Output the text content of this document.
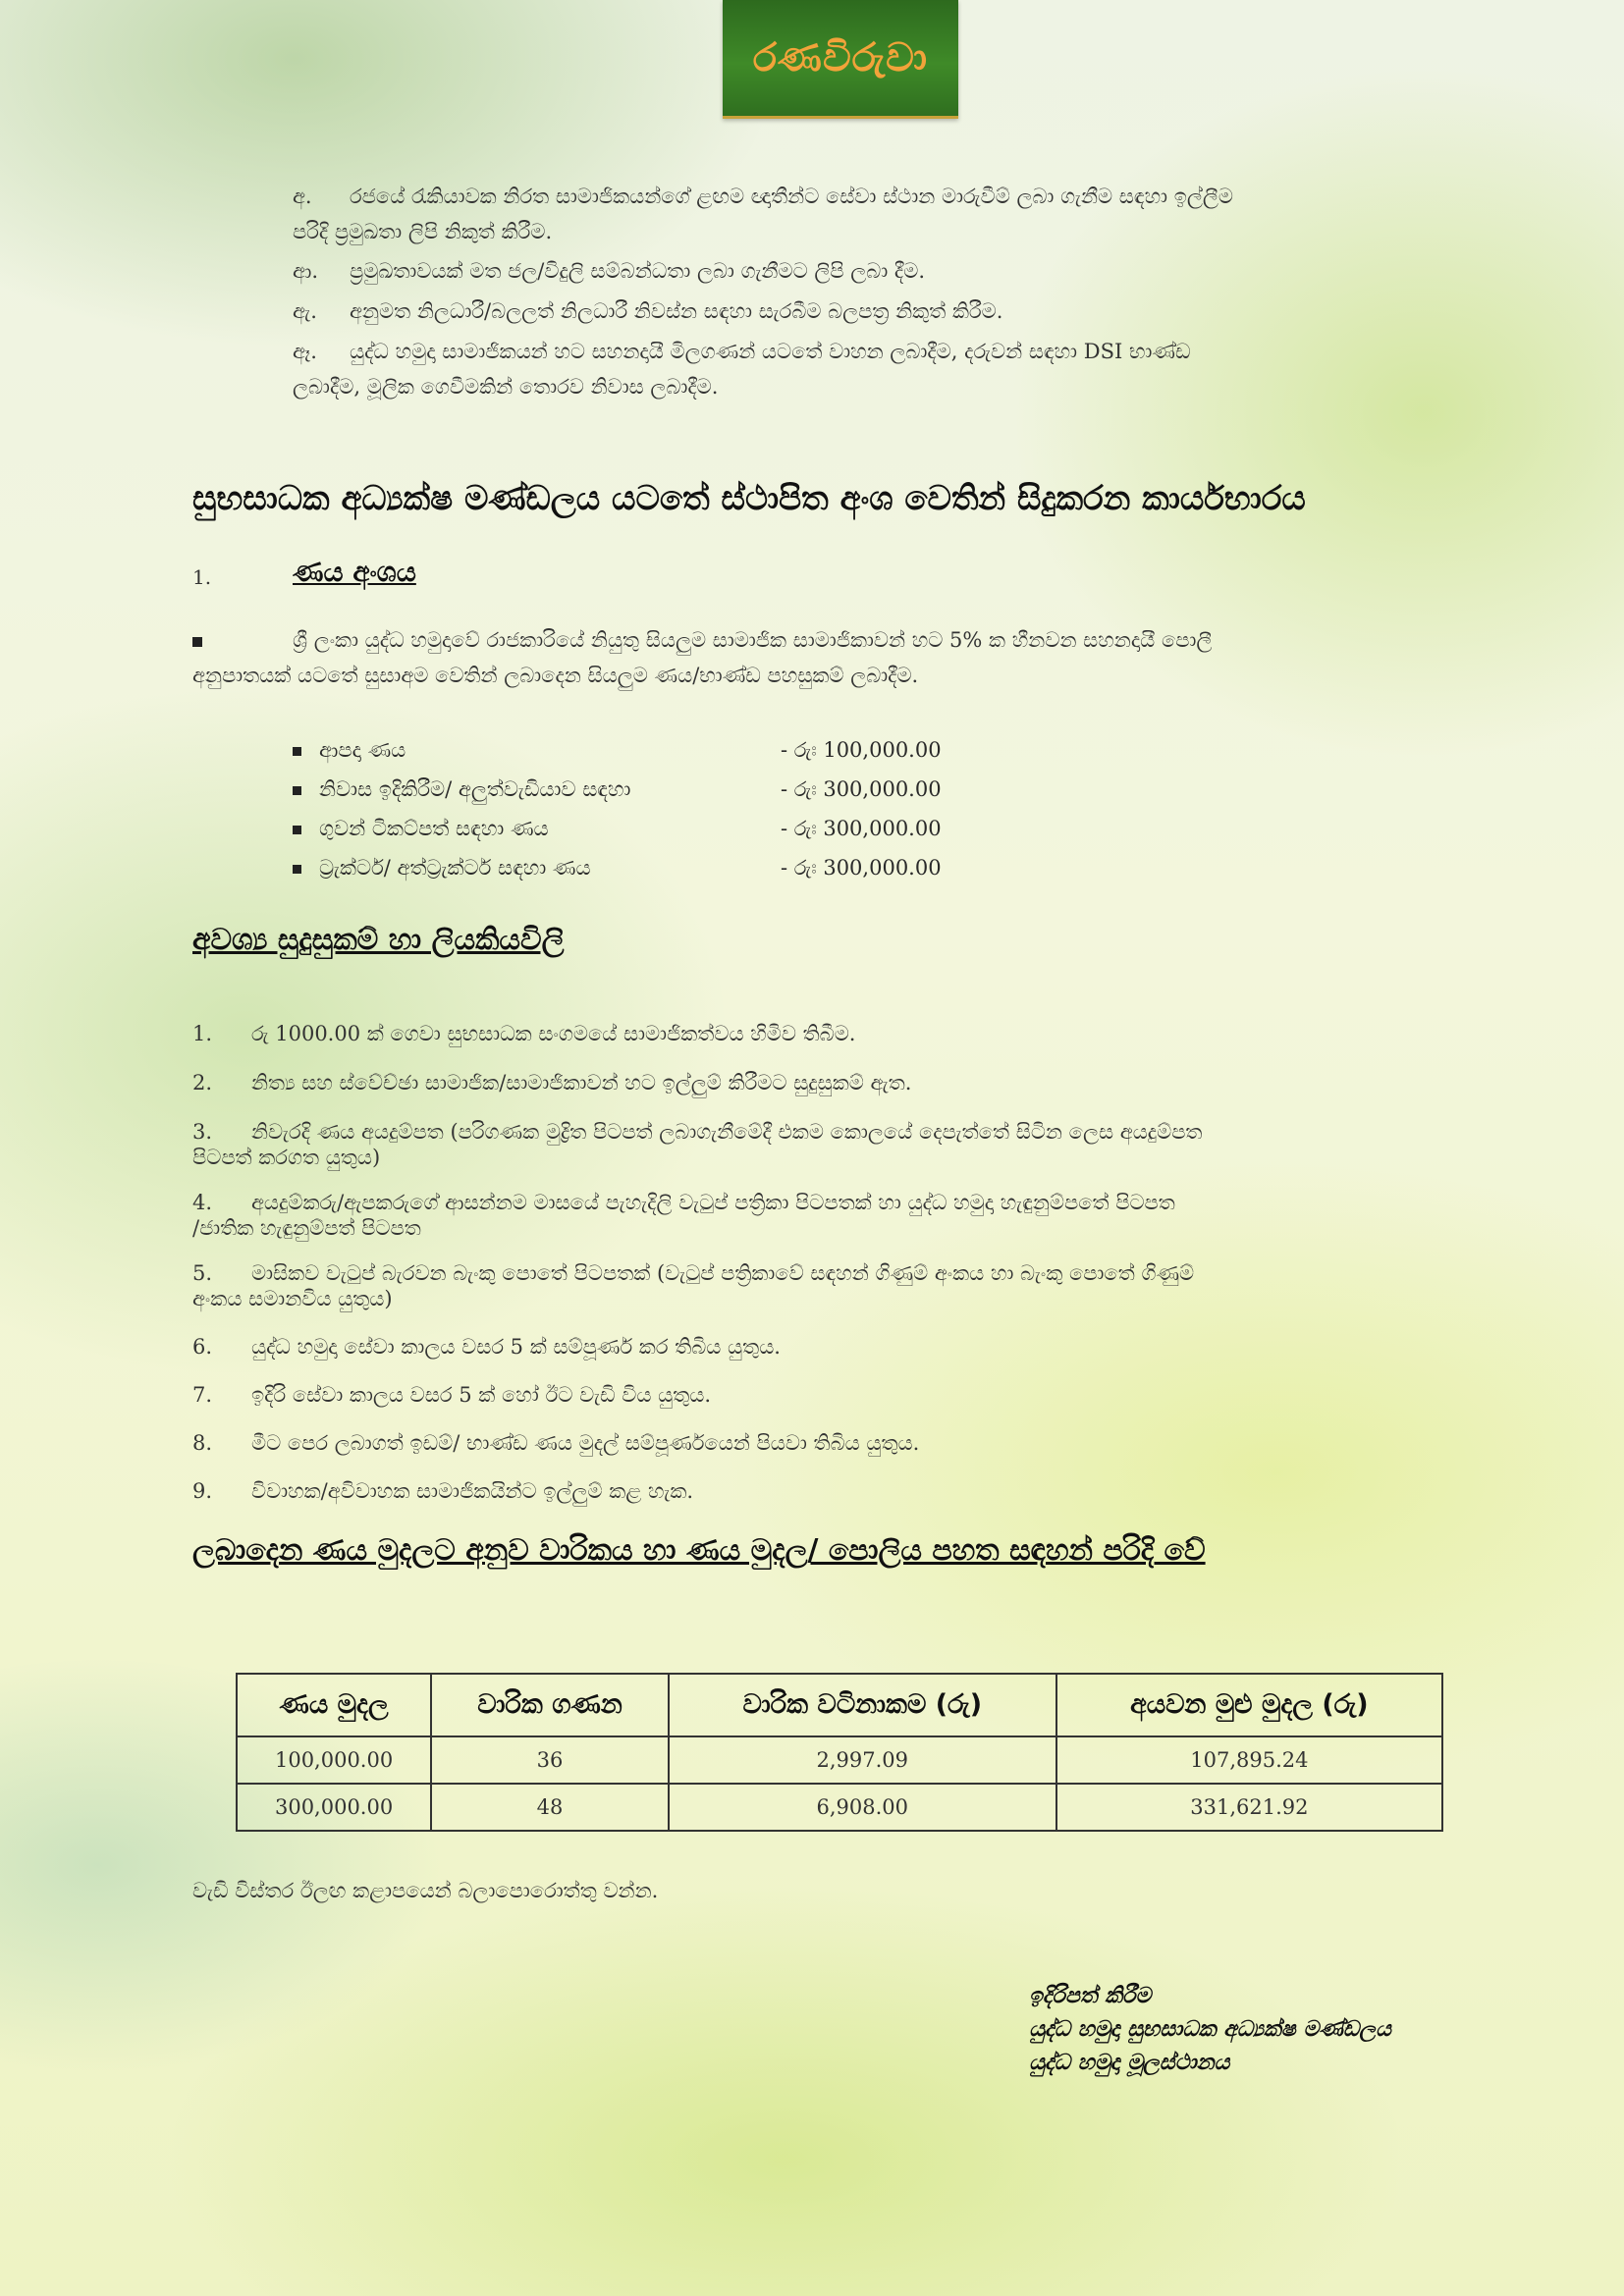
රණවිරුවා
අ. රජයේ රැකියාවක නිරත සාමාජිකයන්ගේ ළඟම ඥාතීන්ට සේවා ස්ථාන මාරුවීම් ලබා ගැනීම සඳහා ඉල්ලීම
පරිදි ප්‍රමුඛතා ලිපි නිකුත් කිරීම.
ආ. ප්‍රමුඛතාවයක් මත ජල/විදුලි සම්බන්ධතා ලබා ගැනීමට ලිපි ලබා දීම.
ඇ. අනුමත නිලධාරී/බලලත් නිලධාරී නිවස්න සඳහා සැරබීම බලපත්‍ර නිකුත් කිරීම.
ඈ. යුද්ධ හමුදා සාමාජිකයන් හට සහනදායී මිලගණන් යටතේ වාහන ලබාදීම, දරුවන් සඳහා DSI භාණ්ඩ
ලබාදීම, මූලික ගෙවීමකින් තොරව නිවාස ලබාදීම.
සුභසාධක අධ්‍යක්ෂ මණ්ඩලය යටතේ ස්ථාපිත අංශ වෙතින් සිදුකරන කාර්යභාරය
1.	ණය අංශය
ශ්‍රී ලංකා යුද්ධ හමුදාවේ රාජකාරියේ නියුතු සියලුම සාමාජික සාමාජිකාවන් හට 5% ක හීනවන සහනදායී පොලී
අනුපාතයක් යටතේ සුසාඅම වෙතින් ලබාදෙන සියලුම ණය/භාණ්ඩ පහසුකම් ලබාදීම.
ආපදා ණය	- රුඃ 100,000.00
නිවාස ඉදිකිරීම/ අලුත්වැඩියාව සඳහා	- රුඃ 300,000.00
ගුවන් ටිකට්පත් සඳහා ණය	- රුඃ 300,000.00
ට්‍රැක්ටර්/ අත්ට්‍රැක්ටර් සඳහා ණය	- රුඃ 300,000.00
අවශ්‍ය සුදුසුකම් හා ලියකියවිලි
1. රු 1000.00 ක් ගෙවා සුභසාධක සංගමයේ සාමාජිකත්වය හිමිව තිබීම.
2. නිත්‍ය සහ ස්වේච්ඡා සාමාජික/සාමාජිකාවන් හට ඉල්ලුම් කිරීමට සුදුසුකම් ඇත.
3. නිවැරදි ණය අයදුම්පත (පරිගණක මුද්‍රිත පිටපත් ලබාගැනීමේදී එකම කොලයේ දෙපැත්තේ සිටින ලෙස අයදුම්පත
පිටපත් කරගත යුතුය)
4. අයදුම්කරු/ඇපකරුගේ ආසන්නම මාසයේ පැහැදිලි වැටුප් පත්‍රිකා පිටපතක් හා යුද්ධ හමුදා හැඳුනුම්පතේ පිටපත
/ජාතික හැඳුනුම්පත් පිටපත
5. මාසිකව වැටුප් බැරවන බැංකු පොතේ පිටපතක් (වැටුප් පත්‍රිකාවේ සඳහන් ගිණුම් අංකය හා බැංකු පොතේ ගිණුම්
අංකය සමානවිය යුතුය)
6. යුද්ධ හමුදා සේවා කාලය වසර 5 ක් සම්පූර්ණ කර තිබිය යුතුය.
7. ඉදිරි සේවා කාලය වසර 5 ක් හෝ ඊට වැඩි විය යුතුය.
8. මීට පෙර ලබාගත් ඉඩම්/ භාණ්ඩ ණය මුදල් සම්පූර්ණයෙන් පියවා තිබිය යුතුය.
9. විවාහක/අවිවාහක සාමාජිකයින්ට ඉල්ලුම් කළ හැක.
ලබාදෙන ණය මුදලට අනුව වාරිකය හා ණය මුදල/ පොලිය පහත සඳහන් පරිදි වේ
ණය මුදල	වාරික ගණන	වාරික වටිනාකම (රු)	අයවන මුළු මුදල (රු)
100,000.00	36	2,997.09	107,895.24
300,000.00	48	6,908.00	331,621.92
වැඩි විස්තර ඊලඟ කළාපයෙන් බලාපොරොත්තු වන්න.
ඉදිරිපත් කිරීම
යුද්ධ හමුදා සුභසාධක අධ්‍යක්ෂ මණ්ඩලය
යුද්ධ හමුදා මූලස්ථානය
